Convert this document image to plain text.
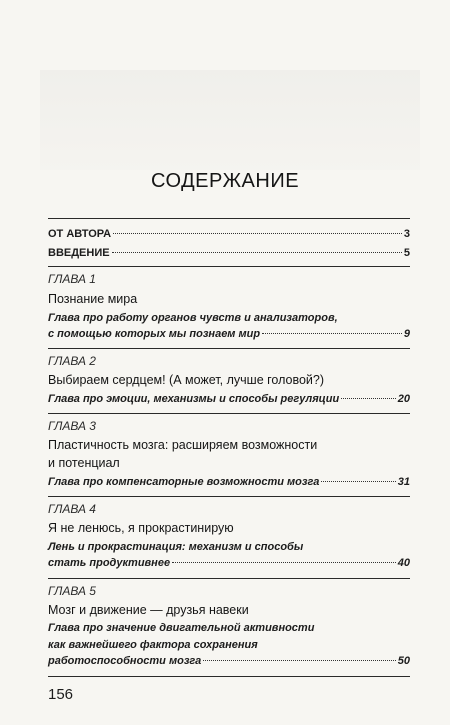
СОДЕРЖАНИЕ
ОТ АВТОРА	3
ВВЕДЕНИЕ	5
ГЛАВА 1
Познание мира
Глава про работу органов чувств и анализаторов,
с помощью которых мы познаем мир	9
ГЛАВА 2
Выбираем сердцем! (А может, лучше головой?)
Глава про эмоции, механизмы и способы регуляции	20
ГЛАВА 3
Пластичность мозга: расширяем возможности
и потенциал
Глава про компенсаторные возможности мозга	31
ГЛАВА 4
Я не ленюсь, я прокрастинирую
Лень и прокрастинация: механизм и способы
стать продуктивнее	40
ГЛАВА 5
Мозг и движение — друзья навеки
Глава про значение двигательной активности
как важнейшего фактора сохранения
работоспособности мозга	50
156
